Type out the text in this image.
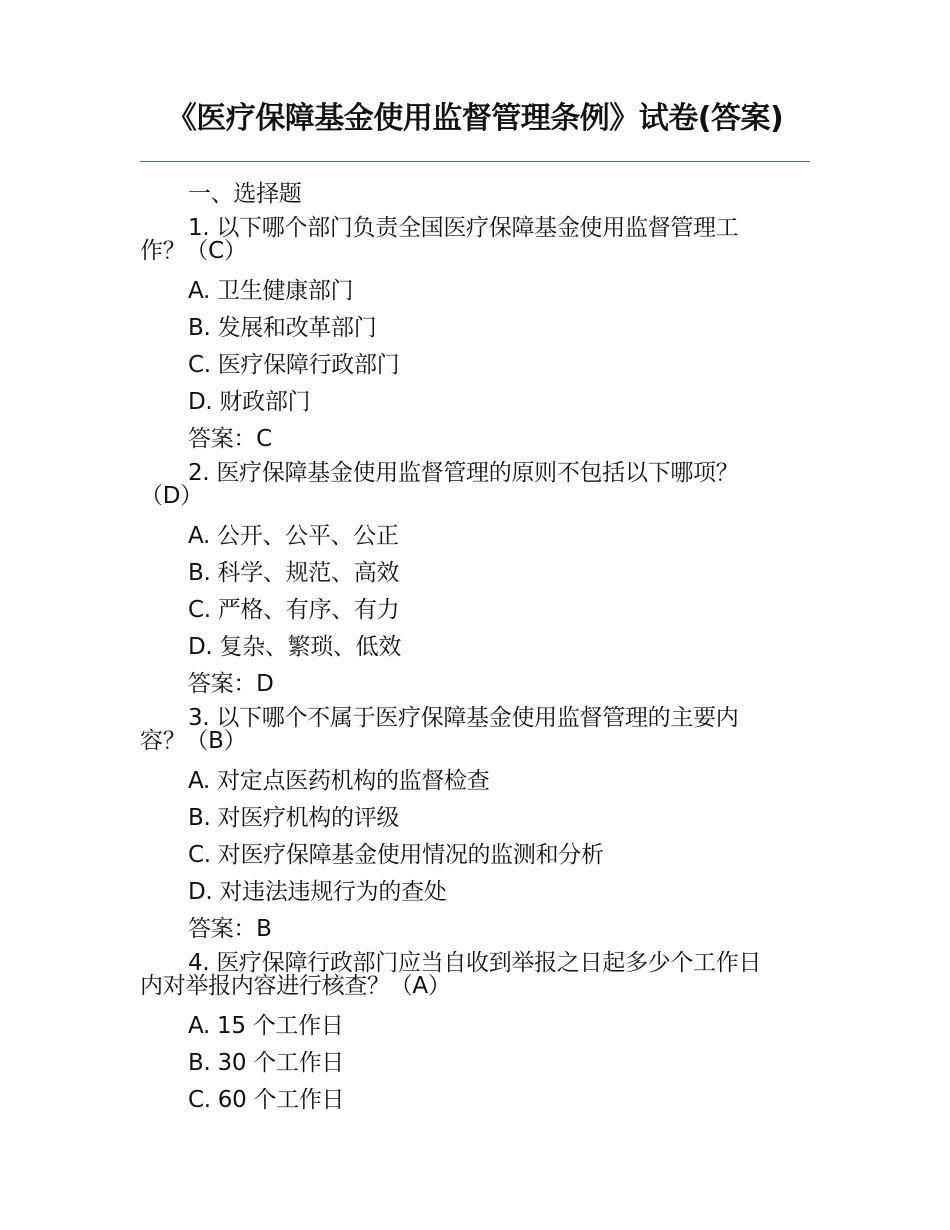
《医疗保障基金使用监督管理条例》试卷(答案)
一、选择题
1. 以下哪个部门负责全国医疗保障基金使用监督管理工
作？（C）
A. 卫生健康部门
B. 发展和改革部门
C. 医疗保障行政部门
D. 财政部门
答案：C
2. 医疗保障基金使用监督管理的原则不包括以下哪项？
（D）
A. 公开、公平、公正
B. 科学、规范、高效
C. 严格、有序、有力
D. 复杂、繁琐、低效
答案：D
3. 以下哪个不属于医疗保障基金使用监督管理的主要内
容？（B）
A. 对定点医药机构的监督检查
B. 对医疗机构的评级
C. 对医疗保障基金使用情况的监测和分析
D. 对违法违规行为的查处
答案：B
4. 医疗保障行政部门应当自收到举报之日起多少个工作日
内对举报内容进行核查？（A）
A. 15 个工作日
B. 30 个工作日
C. 60 个工作日
